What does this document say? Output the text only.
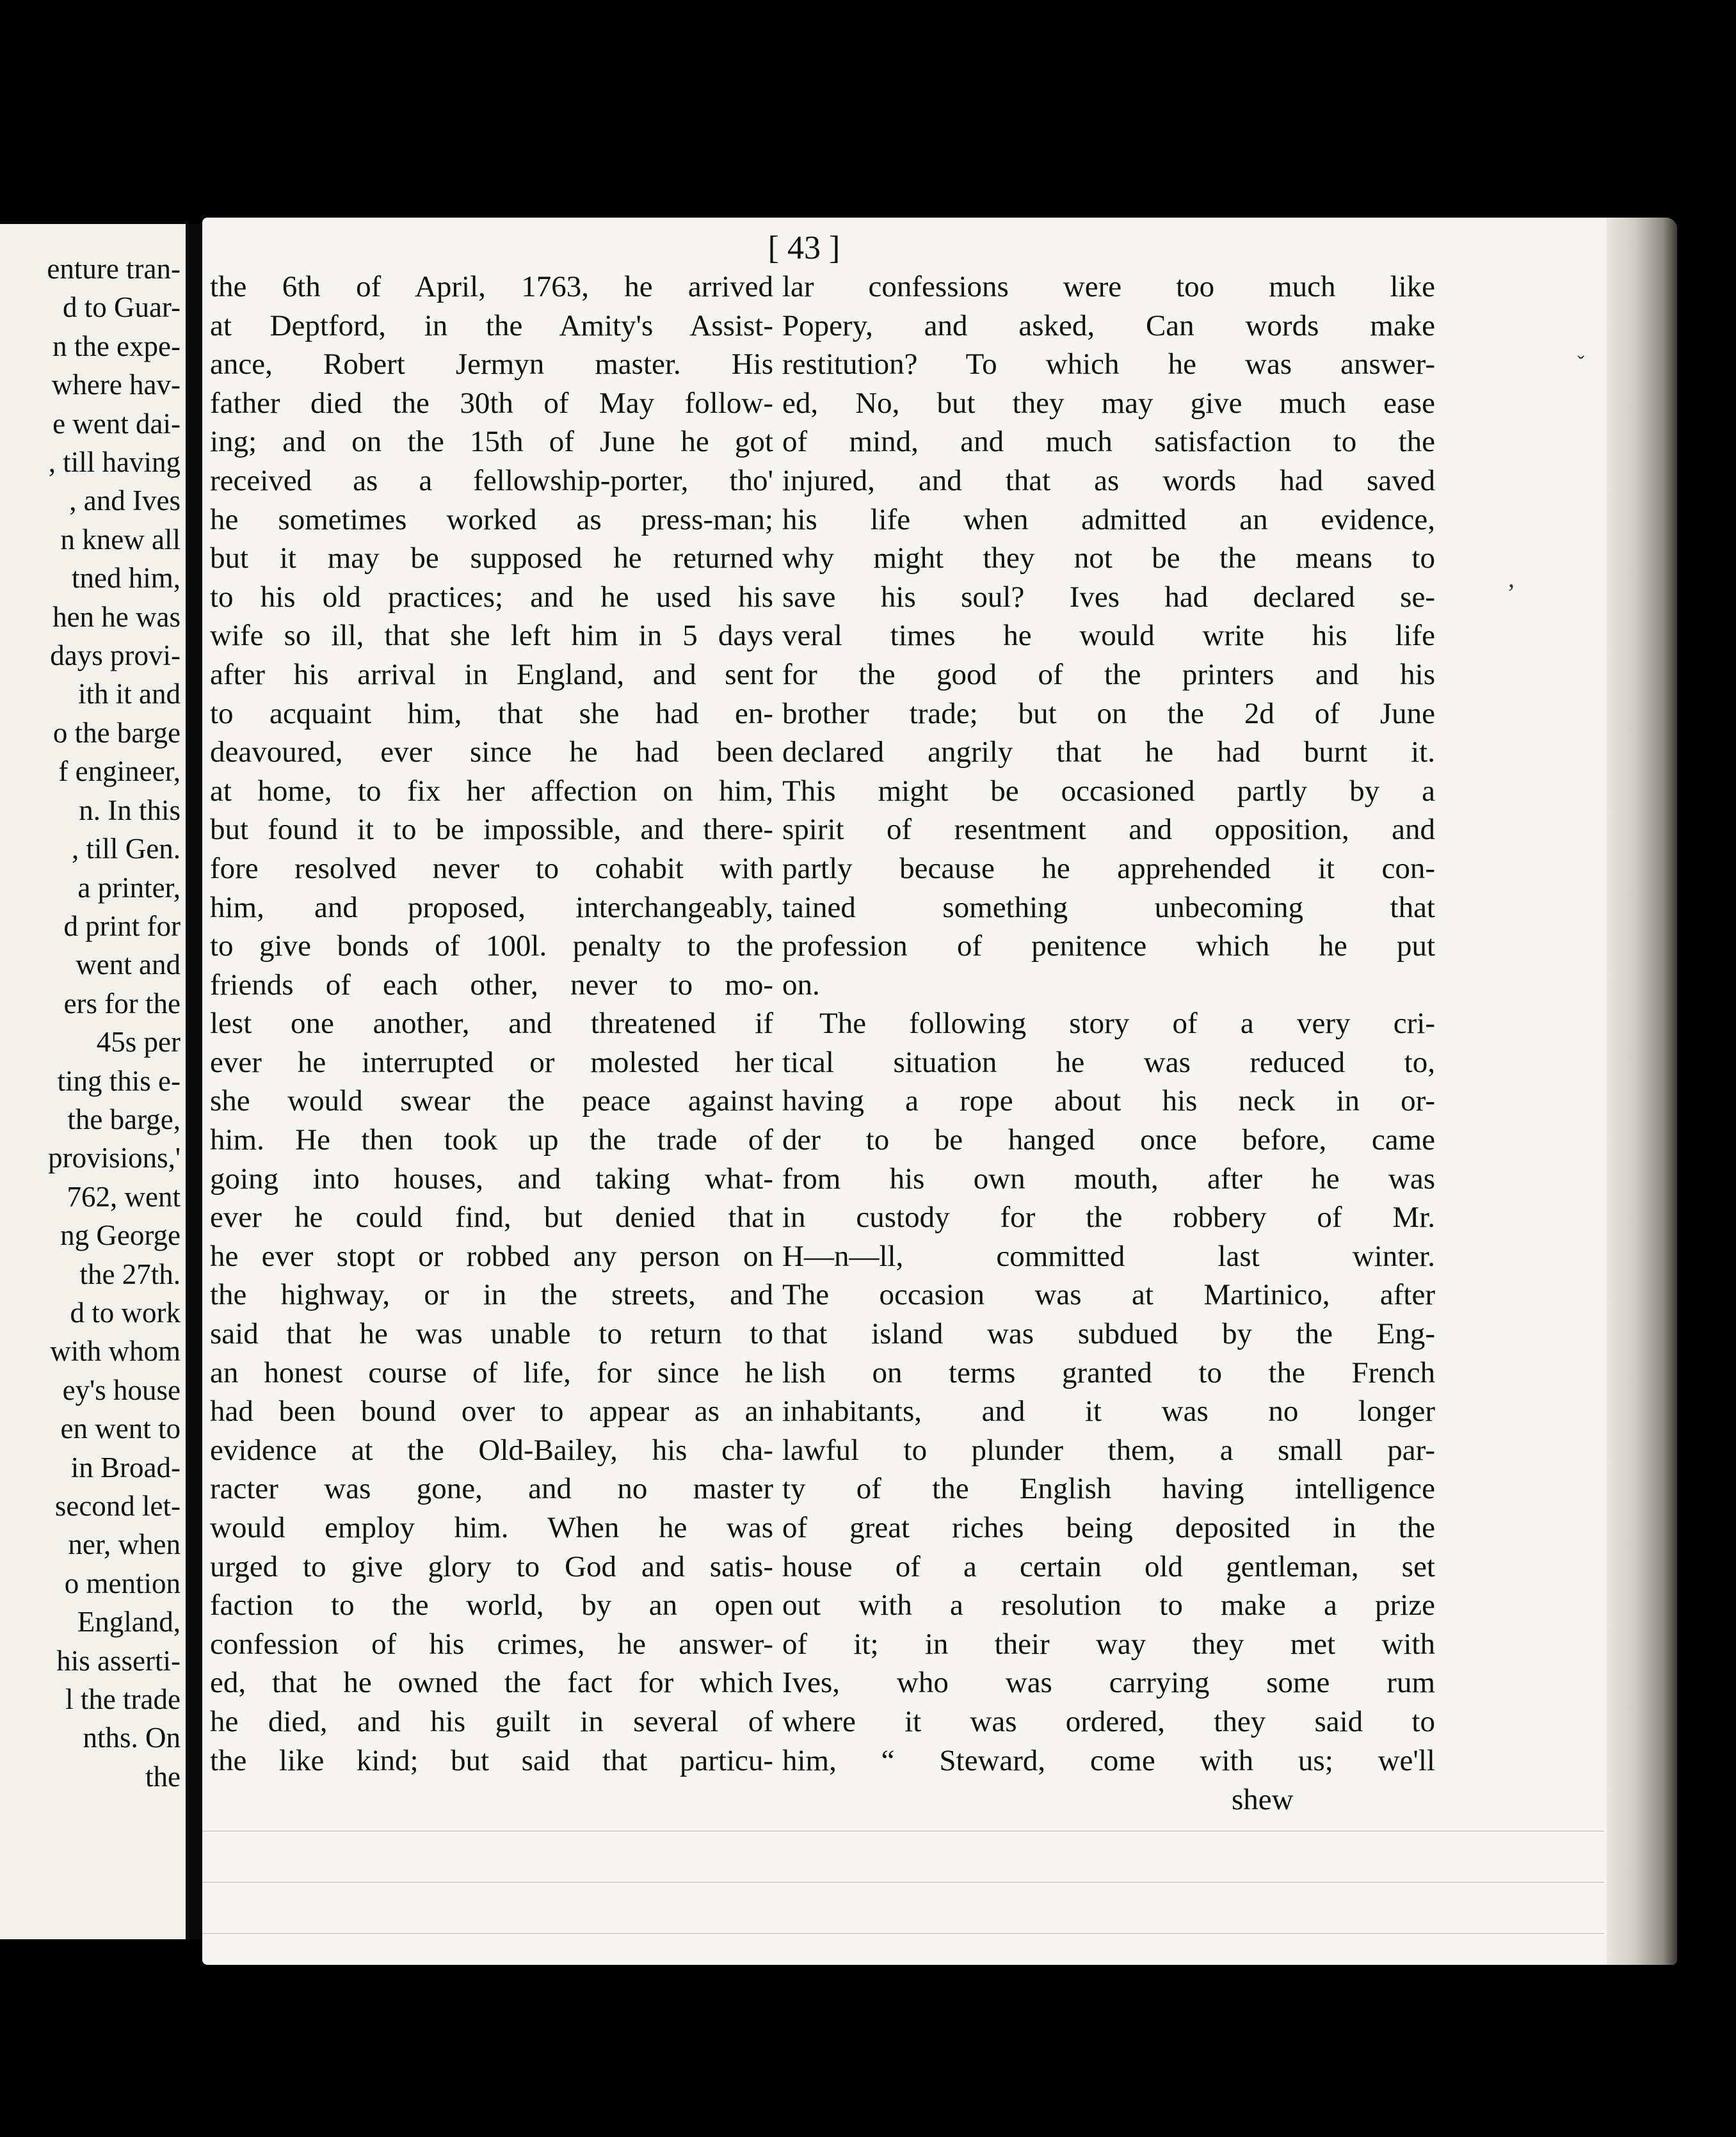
enture tran-
d to Guar-
n the expe-
where hav-
e went dai-
, till having
, and Ives
n knew all
tned him,
hen he was
days provi-
ith it and
o the barge
f engineer,
n. In this
, till Gen.
a printer,
d print for
went and
ers for the
45s per
ting this e-
the barge,
provisions,'
762, went
ng George
the 27th.
d to work
with whom
ey's house
en went to
in Broad-
second let-
ner, when
o mention
England,
his asserti-
l the trade
nths. On
the
[ 43 ]
the 6th of April, 1763, he arrived
at Deptford, in the Amity's Assist-
ance, Robert Jermyn master. His
father died the 30th of May follow-
ing; and on the 15th of June he got
received as a fellowship-porter, tho'
he sometimes worked as press-man;
but it may be supposed he returned
to his old practices; and he used his
wife so ill, that she left him in 5 days
after his arrival in England, and sent
to acquaint him, that she had en-
deavoured, ever since he had been
at home, to fix her affection on him,
but found it to be impossible, and there-
fore resolved never to cohabit with
him, and proposed, interchangeably,
to give bonds of 100l. penalty to the
friends of each other, never to mo-
lest one another, and threatened if
ever he interrupted or molested her
she would swear the peace against
him. He then took up the trade of
going into houses, and taking what-
ever he could find, but denied that
he ever stopt or robbed any person on
the highway, or in the streets, and
said that he was unable to return to
an honest course of life, for since he
had been bound over to appear as an
evidence at the Old-Bailey, his cha-
racter was gone, and no master
would employ him. When he was
urged to give glory to God and satis-
faction to the world, by an open
confession of his crimes, he answer-
ed, that he owned the fact for which
he died, and his guilt in several of
the like kind; but said that particu-
lar confessions were too much like
Popery, and asked, Can words make
restitution? To which he was answer-
ed, No, but they may give much ease
of mind, and much satisfaction to the
injured, and that as words had saved
his life when admitted an evidence,
why might they not be the means to
save his soul? Ives had declared se-
veral times he would write his life
for the good of the printers and his
brother trade; but on the 2d of June
declared angrily that he had burnt it.
This might be occasioned partly by a
spirit of resentment and opposition, and
partly because he apprehended it con-
tained something unbecoming that
profession of penitence which he put
on.
The following story of a very cri-
tical situation he was reduced to,
having a rope about his neck in or-
der to be hanged once before, came
from his own mouth, after he was
in custody for the robbery of Mr.
H—n—ll, committed last winter.
The occasion was at Martinico, after
that island was subdued by the Eng-
lish on terms granted to the French
inhabitants, and it was no longer
lawful to plunder them, a small par-
ty of the English having intelligence
of great riches being deposited in the
house of a certain old gentleman, set
out with a resolution to make a prize
of it; in their way they met with
Ives, who was carrying some rum
where it was ordered, they said to
him, “ Steward, come with us; we'll
shew
ˇ
,
